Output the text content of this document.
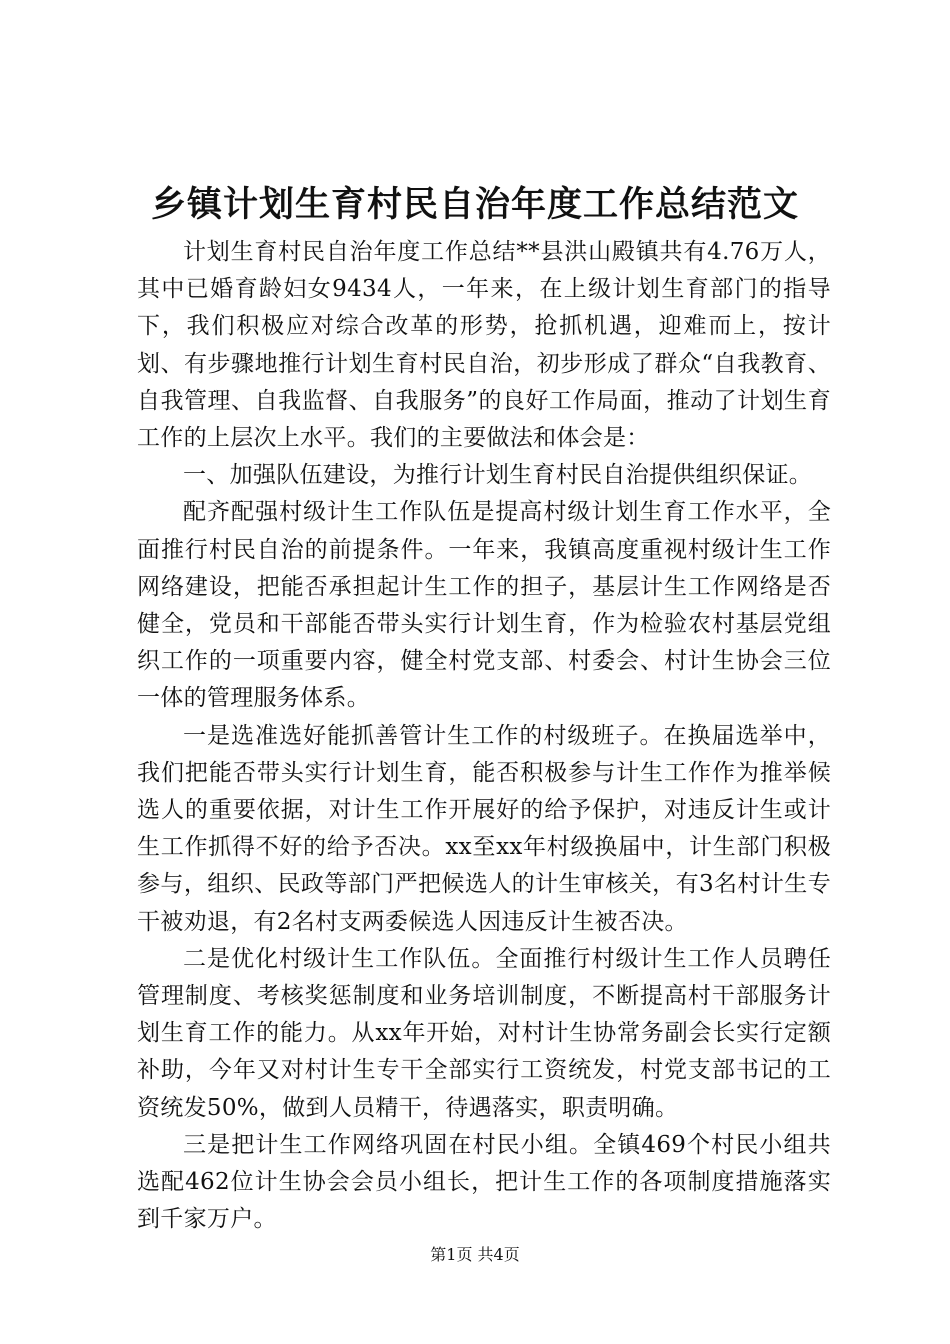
乡镇计划生育村民自治年度工作总结范文

计划生育村民自治年度工作总结**县洪山殿镇共有4.76万人，其中已婚育龄妇女9434人，一年来，在上级计划生育部门的指导下，我们积极应对综合改革的形势，抢抓机遇，迎难而上，按计划、有步骤地推行计划生育村民自治，初步形成了群众“自我教育、自我管理、自我监督、自我服务”的良好工作局面，推动了计划生育工作的上层次上水平。我们的主要做法和体会是：

一、加强队伍建设，为推行计划生育村民自治提供组织保证。

配齐配强村级计生工作队伍是提高村级计划生育工作水平，全面推行村民自治的前提条件。一年来，我镇高度重视村级计生工作网络建设，把能否承担起计生工作的担子，基层计生工作网络是否健全，党员和干部能否带头实行计划生育，作为检验农村基层党组织工作的一项重要内容，健全村党支部、村委会、村计生协会三位一体的管理服务体系。

一是选准选好能抓善管计生工作的村级班子。在换届选举中，我们把能否带头实行计划生育，能否积极参与计生工作作为推举候选人的重要依据，对计生工作开展好的给予保护，对违反计生或计生工作抓得不好的给予否决。xx至xx年村级换届中，计生部门积极参与，组织、民政等部门严把候选人的计生审核关，有3名村计生专干被劝退，有2名村支两委候选人因违反计生被否决。

二是优化村级计生工作队伍。全面推行村级计生工作人员聘任管理制度、考核奖惩制度和业务培训制度，不断提高村干部服务计划生育工作的能力。从xx年开始，对村计生协常务副会长实行定额补助，今年又对村计生专干全部实行工资统发，村党支部书记的工资统发50%，做到人员精干，待遇落实，职责明确。

三是把计生工作网络巩固在村民小组。全镇469个村民小组共选配462位计生协会会员小组长，把计生工作的各项制度措施落实到千家万户。

第1页 共4页
